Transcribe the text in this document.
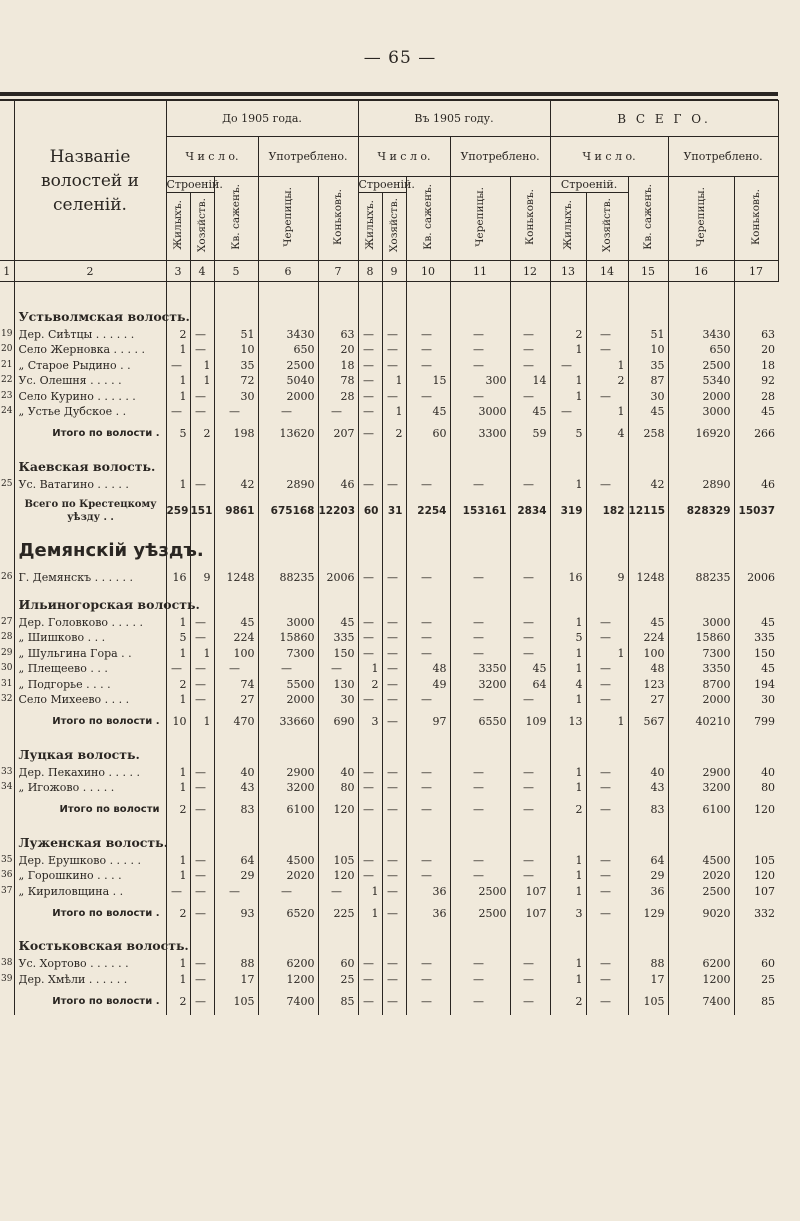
— 65 —
	Названіе волостей и селеній.	До 1905 года.					Въ 1905 году.					В С Е Г О.				
		Ч и с л о.			Употреблено.		Ч и с л о.			Употреблено.		Ч и с л о.			Употреблено.	
		Строеній.		Кв. саженъ.	Черепицы.	Коньковъ.	Строеній.		Кв. саженъ.	Черепицы.	Коньковъ.	Строеній.		Кв. саженъ.	Черепицы.	Коньковъ.
		Жилыхъ.	Хозяйств.				Жилыхъ.	Хозяйств.				Жилыхъ.	Хозяйств.			
1	2	3	4	5	6	7	8	9	10	11	12	13	14	15	16	17

	Устьволмская волость.															
19	Дер. Сиѣтцы . . . . . .	2	—	51	3430	63	—	—	—	—	—	2	—	51	3430	63
20	Село Жерновка . . . . .	1	—	10	650	20	—	—	—	—	—	1	—	10	650	20
21	„ Старое Рыдино . .	—	1	35	2500	18	—	—	—	—	—	—	1	35	2500	18
22	Ус. Олешня . . . . .	1	1	72	5040	78	—	1	15	300	14	1	2	87	5340	92
23	Село Курино . . . . . .	1	—	30	2000	28	—	—	—	—	—	1	—	30	2000	28
24	„ Устье Дубское . .	—	—	—	—	—	—	1	45	3000	45	—	1	45	3000	45
	Итого по волости .	5	2	198	13620	207	—	2	60	3300	59	5	4	258	16920	266
	Каевская волость.															
25	Ус. Ватагино . . . . .	1	—	42	2890	46	—	—	—	—	—	1	—	42	2890	46
	Всего по Крестецкому уѣзду . .	259	151	9861	675168	12203	60	31	2254	153161	2834	319	182	12115	828329	15037
	Демянскій уѣздъ.															
26	Г. Демянскъ . . . . . .	16	9	1248	88235	2006	—	—	—	—	—	16	9	1248	88235	2006
	Ильиногорская волость.															
27	Дер. Головково . . . . .	1	—	45	3000	45	—	—	—	—	—	1	—	45	3000	45
28	„ Шишково . . .	5	—	224	15860	335	—	—	—	—	—	5	—	224	15860	335
29	„ Шульгина Гора . .	1	1	100	7300	150	—	—	—	—	—	1	1	100	7300	150
30	„ Плещеево . . .	—	—	—	—	—	1	—	48	3350	45	1	—	48	3350	45
31	„ Подгорье . . . .	2	—	74	5500	130	2	—	49	3200	64	4	—	123	8700	194
32	Село Михеево . . . .	1	—	27	2000	30	—	—	—	—	—	1	—	27	2000	30
	Итого по волости .	10	1	470	33660	690	3	—	97	6550	109	13	1	567	40210	799
	Луцкая волость.															
33	Дер. Пекахино . . . . .	1	—	40	2900	40	—	—	—	—	—	1	—	40	2900	40
34	„ Игожово . . . . .	1	—	43	3200	80	—	—	—	—	—	1	—	43	3200	80
	Итого по волости	2	—	83	6100	120	—	—	—	—	—	2	—	83	6100	120
	Луженская волость.															
35	Дер. Ерушково . . . . .	1	—	64	4500	105	—	—	—	—	—	1	—	64	4500	105
36	„ Горошкино . . . .	1	—	29	2020	120	—	—	—	—	—	1	—	29	2020	120
37	„ Кириловщина . .	—	—	—	—	—	1	—	36	2500	107	1	—	36	2500	107
	Итого по волости .	2	—	93	6520	225	1	—	36	2500	107	3	—	129	9020	332
	Костьковская волость.															
38	Ус. Хортово . . . . . .	1	—	88	6200	60	—	—	—	—	—	1	—	88	6200	60
39	Дер. Хмѣли . . . . . .	1	—	17	1200	25	—	—	—	—	—	1	—	17	1200	25
	Итого по волости .	2	—	105	7400	85	—	—	—	—	—	2	—	105	7400	85
